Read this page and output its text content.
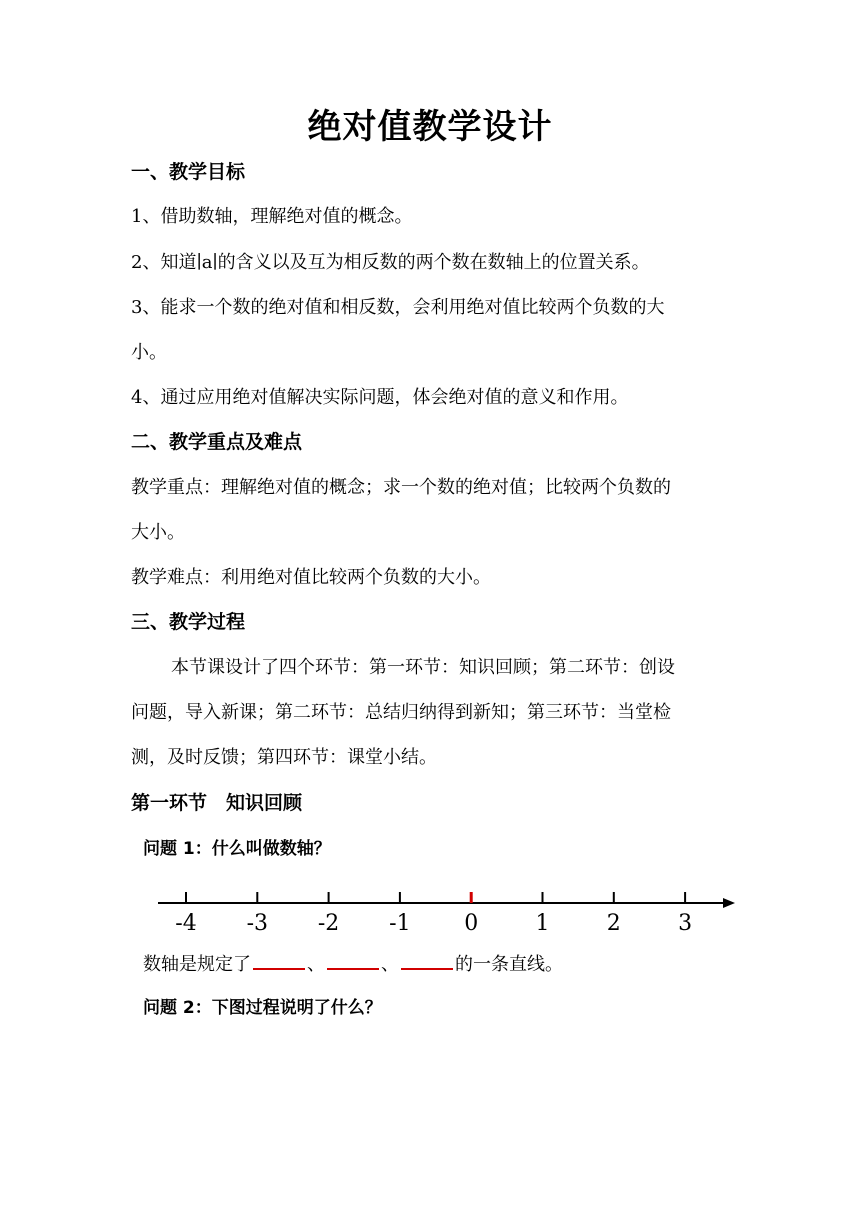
绝对值教学设计
一、教学目标
1、借助数轴，理解绝对值的概念。
2、知道∣a∣的含义以及互为相反数的两个数在数轴上的位置关系。
3、能求一个数的绝对值和相反数，会利用绝对值比较两个负数的大
小。
4、通过应用绝对值解决实际问题，体会绝对值的意义和作用。
二、教学重点及难点
教学重点：理解绝对值的概念；求一个数的绝对值；比较两个负数的
大小。
教学难点：利用绝对值比较两个负数的大小。
三、教学过程
本节课设计了四个环节：第一环节：知识回顾；第二环节：创设
问题，导入新课；第二环节：总结归纳得到新知；第三环节：当堂检
测，及时反馈；第四环节：课堂小结。
第一环节　知识回顾
问题 1：什么叫做数轴？
-4 -3 -2 -1 0	1	2	3
数轴是规定了	、	、	的一条直线。
问题 2：下图过程说明了什么？
